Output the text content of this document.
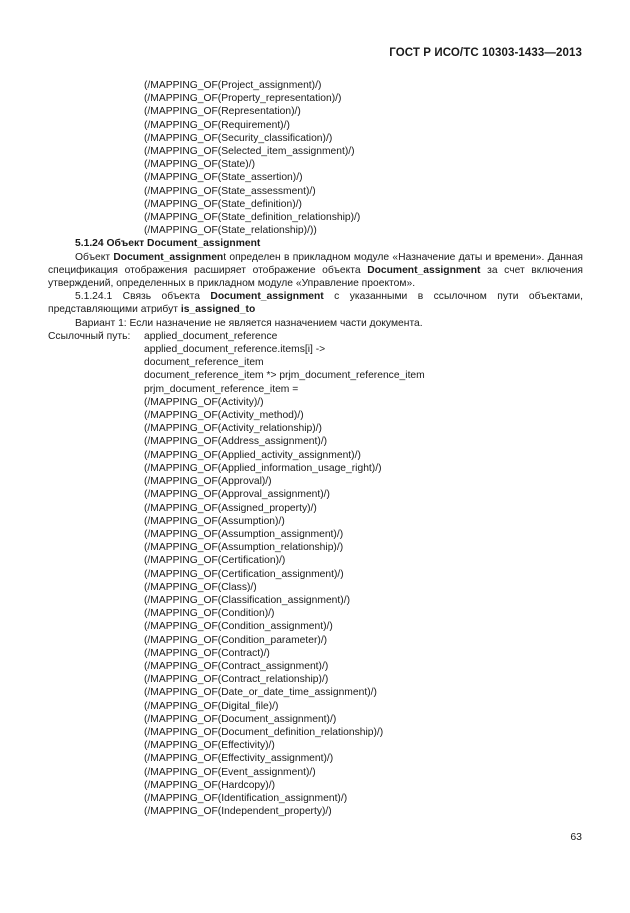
ГОСТ Р ИСО/ТС 10303-1433—2013
(/MAPPING_OF(Project_assignment)/)
(/MAPPING_OF(Property_representation)/)
(/MAPPING_OF(Representation)/)
(/MAPPING_OF(Requirement)/)
(/MAPPING_OF(Security_classification)/)
(/MAPPING_OF(Selected_item_assignment)/)
(/MAPPING_OF(State)/)
(/MAPPING_OF(State_assertion)/)
(/MAPPING_OF(State_assessment)/)
(/MAPPING_OF(State_definition)/)
(/MAPPING_OF(State_definition_relationship)/)
(/MAPPING_OF(State_relationship)/))
5.1.24 Объект Document_assignment
Объект Document_assignment определен в прикладном модуле «Назначение даты и времени». Данная спецификация отображения расширяет отображение объекта Document_assignment за счет включения утверждений, определенных в прикладном модуле «Управление проектом».
5.1.24.1 Связь объекта Document_assignment с указанными в ссылочном пути объектами, представляющими атрибут is_assigned_to
Вариант 1: Если назначение не является назначением части документа.
Ссылочный путь:	applied_document_reference
applied_document_reference.items[i] ->
document_reference_item
document_reference_item *> prjm_document_reference_item
prjm_document_reference_item =
(/MAPPING_OF(Activity)/)
(/MAPPING_OF(Activity_method)/)
(/MAPPING_OF(Activity_relationship)/)
(/MAPPING_OF(Address_assignment)/)
(/MAPPING_OF(Applied_activity_assignment)/)
(/MAPPING_OF(Applied_information_usage_right)/)
(/MAPPING_OF(Approval)/)
(/MAPPING_OF(Approval_assignment)/)
(/MAPPING_OF(Assigned_property)/)
(/MAPPING_OF(Assumption)/)
(/MAPPING_OF(Assumption_assignment)/)
(/MAPPING_OF(Assumption_relationship)/)
(/MAPPING_OF(Certification)/)
(/MAPPING_OF(Certification_assignment)/)
(/MAPPING_OF(Class)/)
(/MAPPING_OF(Classification_assignment)/)
(/MAPPING_OF(Condition)/)
(/MAPPING_OF(Condition_assignment)/)
(/MAPPING_OF(Condition_parameter)/)
(/MAPPING_OF(Contract)/)
(/MAPPING_OF(Contract_assignment)/)
(/MAPPING_OF(Contract_relationship)/)
(/MAPPING_OF(Date_or_date_time_assignment)/)
(/MAPPING_OF(Digital_file)/)
(/MAPPING_OF(Document_assignment)/)
(/MAPPING_OF(Document_definition_relationship)/)
(/MAPPING_OF(Effectivity)/)
(/MAPPING_OF(Effectivity_assignment)/)
(/MAPPING_OF(Event_assignment)/)
(/MAPPING_OF(Hardcopy)/)
(/MAPPING_OF(Identification_assignment)/)
(/MAPPING_OF(Independent_property)/)
63
